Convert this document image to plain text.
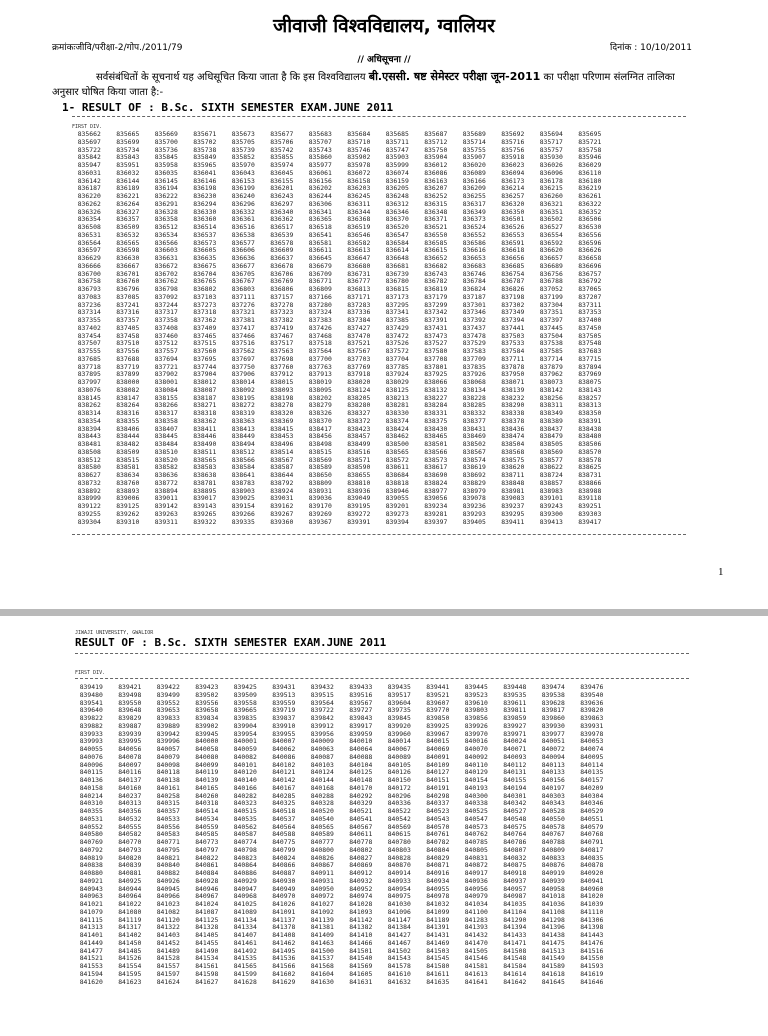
जीवाजी विश्वविद्यालय, ग्वालियर
क्रमांकःजीवि/परीक्षा-2/गोप./2011/79	दिनांक : 10/10/2011
// अधिसूचना //
सर्वसंबंधितों के सूचनार्थ यह अधिसूचित किया जाता है कि इस विश्वविद्यालय बी.एससी. षष्ट सेमेस्टर परीक्षा जून-2011 का परीक्षा परिणाम संलग्नित तालिका अनुसार घोषित किया जाता है:-
1- RESULT OF : B.Sc. SIXTH SEMESTER EXAM.JUNE 2011
FIRST DIV.
835662	835665	835669	835671	835673	835677	835683	835684	835685	835687	835689	835692	835694	835695
835697	835699	835700	835702	835705	835706	835707	835710	835711	835712	835714	835716	835717	835721
835722	835734	835736	835738	835739	835742	835743	835746	835747	835750	835755	835756	835757	835758
835842	835843	835845	835849	835852	835855	835860	835902	835903	835904	835907	835918	835930	835946
835947	835951	835958	835965	835970	835974	835977	835978	835999	836012	836020	836023	836026	836029
836031	836032	836035	836041	836043	836045	836061	836072	836074	836086	836089	836094	836096	836110
836142	836144	836145	836146	836153	836155	836156	836158	836159	836163	836166	836173	836178	836180
836187	836189	836194	836198	836199	836201	836202	836203	836205	836207	836209	836214	836215	836219
836220	836221	836222	836230	836240	836243	836244	836245	836248	836252	836255	836257	836260	836261
836262	836264	836291	836294	836296	836297	836306	836311	836312	836315	836317	836320	836321	836322
836326	836327	836328	836330	836332	836340	836341	836344	836346	836348	836349	836350	836351	836352
836354	836357	836358	836360	836361	836362	836365	836368	836370	836371	836373	836501	836502	836506
836508	836509	836512	836514	836516	836517	836518	836519	836520	836521	836524	836526	836527	836530
836531	836532	836534	836537	836538	836539	836541	836546	836547	836550	836552	836553	836554	836556
836564	836565	836566	836573	836577	836578	836581	836582	836584	836585	836586	836591	836592	836596
836597	836598	836603	836605	836606	836609	836611	836613	836614	836615	836616	836618	836620	836626
836629	836630	836631	836635	836636	836637	836645	836647	836648	836652	836653	836656	836657	836658
836666	836667	836672	836675	836677	836678	836679	836680	836681	836682	836683	836685	836689	836696
836700	836701	836702	836704	836705	836706	836709	836731	836739	836743	836746	836754	836756	836757
836758	836760	836762	836765	836767	836769	836771	836777	836780	836782	836784	836787	836788	836792
836793	836796	836798	836802	836803	836806	836809	836813	836815	836819	836824	836826	837052	837065
837083	837085	837092	837103	837111	837157	837166	837171	837173	837179	837187	837198	837199	837207
837236	837241	837244	837273	837276	837278	837280	837283	837295	837299	837301	837302	837304	837311
837314	837316	837317	837318	837321	837323	837324	837336	837341	837342	837346	837349	837351	837353
837355	837357	837358	837362	837381	837382	837383	837384	837385	837391	837392	837394	837397	837400
837402	837405	837408	837409	837417	837419	837426	837427	837429	837431	837437	837441	837445	837450
837454	837458	837460	837465	837466	837467	837468	837470	837472	837473	837478	837503	837504	837505
837507	837510	837512	837515	837516	837517	837518	837521	837526	837527	837529	837533	837538	837548
837555	837556	837557	837560	837562	837563	837564	837567	837572	837580	837583	837584	837585	837683
837685	837688	837694	837695	837697	837698	837700	837703	837704	837708	837709	837711	837714	837715
837718	837719	837721	837744	837750	837760	837763	837769	837785	837801	837835	837878	837879	837894
837895	837899	837902	837904	837906	837912	837913	837918	837924	837925	837926	837950	837962	837969
837997	838000	838001	838012	838014	838015	838019	838020	838029	838066	838068	838071	838073	838075
838076	838082	838084	838087	838092	838093	838095	838124	838125	838132	838134	838139	838142	838143
838145	838147	838155	838187	838195	838198	838202	838205	838213	838227	838228	838232	838256	838257
838262	838264	838266	838271	838272	838278	838279	838280	838281	838284	838285	838290	838311	838313
838314	838316	838317	838318	838319	838320	838326	838327	838330	838331	838332	838338	838349	838350
838354	838355	838358	838362	838363	838369	838370	838372	838374	838375	838377	838378	838389	838391
838394	838406	838407	838411	838413	838415	838417	838423	838424	838430	838431	838436	838437	838438
838443	838444	838445	838446	838449	838453	838456	838457	838462	838465	838469	838474	838479	838480
838481	838482	838484	838490	838494	838496	838498	838499	838500	838501	838502	838504	838505	838506
838508	838509	838510	838511	838512	838514	838515	838516	838565	838566	838567	838568	838569	838570
838512	838515	838520	838565	838566	838567	838569	838571	838572	838573	838574	838575	838577	838578
838580	838581	838582	838583	838584	838587	838589	838590	838611	838617	838619	838620	838622	838625
838627	838634	838636	838638	838641	838644	838650	838655	838684	838690	838692	838711	838724	838731
838732	838760	838772	838781	838783	838792	838809	838810	838818	838824	838829	838848	838857	838866
838892	838893	838894	838895	838903	838924	838931	838936	838946	838977	838979	838981	838983	838988
838999	839006	839011	839017	839025	839031	839036	839049	839055	839056	839078	839083	839101	839118
839122	839125	839142	839143	839154	839162	839170	839195	839201	839234	839236	839237	839243	839251
839255	839262	839263	839265	839266	839267	839269	839272	839273	839281	839293	839295	839300	839303
839304	839310	839311	839322	839335	839360	839367	839391	839394	839397	839405	839411	839413	839417
1
JIWAJI UNIVERSITY, GWALIOR
RESULT OF : B.Sc. SIXTH SEMESTER EXAM.JUNE 2011
FIRST DIV.
839419	839421	839422	839423	839425	839431	839432	839433	839435	839441	839445	839448	839474	839476
839480	839498	839499	839502	839509	839513	839515	839516	839517	839521	839523	839535	839538	839540
839541	839550	839552	839556	839558	839559	839564	839567	839604	839607	839610	839611	839628	839636
839640	839648	839653	839658	839665	839719	839722	839727	839735	839770	839803	839811	839817	839820
839822	839829	839833	839834	839835	839837	839842	839843	839845	839850	839856	839859	839860	839863
839882	839887	839889	839902	839904	839910	839912	839917	839920	839925	839926	839927	839930	839931
839933	839939	839942	839945	839954	839955	839956	839959	839960	839967	839970	839971	839977	839978
839993	839995	839996	840000	840001	840007	840009	840010	840014	840015	840016	840024	840051	840053
840055	840056	840057	840058	840059	840062	840063	840064	840067	840069	840070	840071	840072	840074
840076	840078	840079	840080	840082	840086	840087	840088	840089	840091	840092	840093	840094	840095
840096	840097	840098	840099	840101	840102	840103	840104	840105	840109	840110	840112	840113	840114
840115	840116	840118	840119	840120	840121	840124	840125	840126	840127	840129	840131	840133	840135
840136	840137	840138	840139	840140	840142	840144	840148	840150	840151	840154	840155	840156	840157
840158	840160	840161	840165	840166	840167	840168	840170	840172	840191	840193	840194	840197	840209
840214	840237	840258	840260	840282	840285	840288	840292	840296	840298	840300	840301	840303	840304
840310	840313	840315	840318	840323	840325	840328	840329	840336	840337	840338	840342	840343	840346
840355	840356	840357	840514	840515	840518	840520	840521	840522	840523	840525	840527	840528	840529
840531	840532	840533	840534	840535	840537	840540	840541	840542	840543	840547	840548	840550	840551
840552	840555	840556	840559	840562	840564	840565	840567	840569	840570	840573	840575	840578	840579
840580	840582	840583	840585	840587	840588	840589	840611	840615	840761	840762	840764	840767	840768
840769	840770	840771	840773	840774	840775	840777	840778	840780	840782	840785	840786	840788	840791
840792	840793	840795	840797	840798	840799	840800	840802	840803	840804	840805	840807	840809	840817
840819	840820	840821	840822	840823	840824	840826	840827	840828	840829	840831	840832	840833	840835
840838	840839	840840	840861	840864	840866	840867	840869	840870	840871	840872	840875	840876	840878
840880	840881	840882	840884	840886	840887	840911	840912	840914	840916	840917	840918	840919	840920
840921	840925	840926	840928	840929	840930	840931	840932	840933	840934	840936	840937	840939	840941
840943	840944	840945	840946	840947	840949	840950	840952	840954	840955	840956	840957	840958	840960
840963	840964	840966	840967	840968	840970	840972	840974	840975	840978	840979	840987	841018	841020
841021	841022	841023	841024	841025	841026	841027	841028	841030	841032	841034	841035	841036	841039
841079	841080	841082	841087	841089	841091	841092	841093	841096	841099	841100	841104	841108	841110
841115	841119	841120	841125	841134	841137	841139	841142	841147	841189	841283	841290	841298	841306
841313	841317	841322	841328	841334	841378	841381	841382	841384	841391	841393	841394	841396	841398
841401	841402	841403	841405	841407	841408	841409	841410	841427	841431	841432	841433	841438	841443
841449	841450	841452	841455	841461	841462	841463	841466	841467	841469	841470	841471	841475	841476
841477	841485	841489	841490	841492	841495	841500	841501	841502	841503	841505	841508	841513	841516
841521	841526	841528	841534	841535	841536	841537	841540	841543	841545	841546	841548	841549	841550
841553	841554	841557	841561	841565	841566	841568	841569	841578	841580	841581	841584	841589	841593
841594	841595	841597	841598	841599	841602	841604	841605	841610	841611	841613	841614	841618	841619
841620	841623	841624	841627	841628	841629	841630	841631	841632	841635	841641	841642	841645	841646
